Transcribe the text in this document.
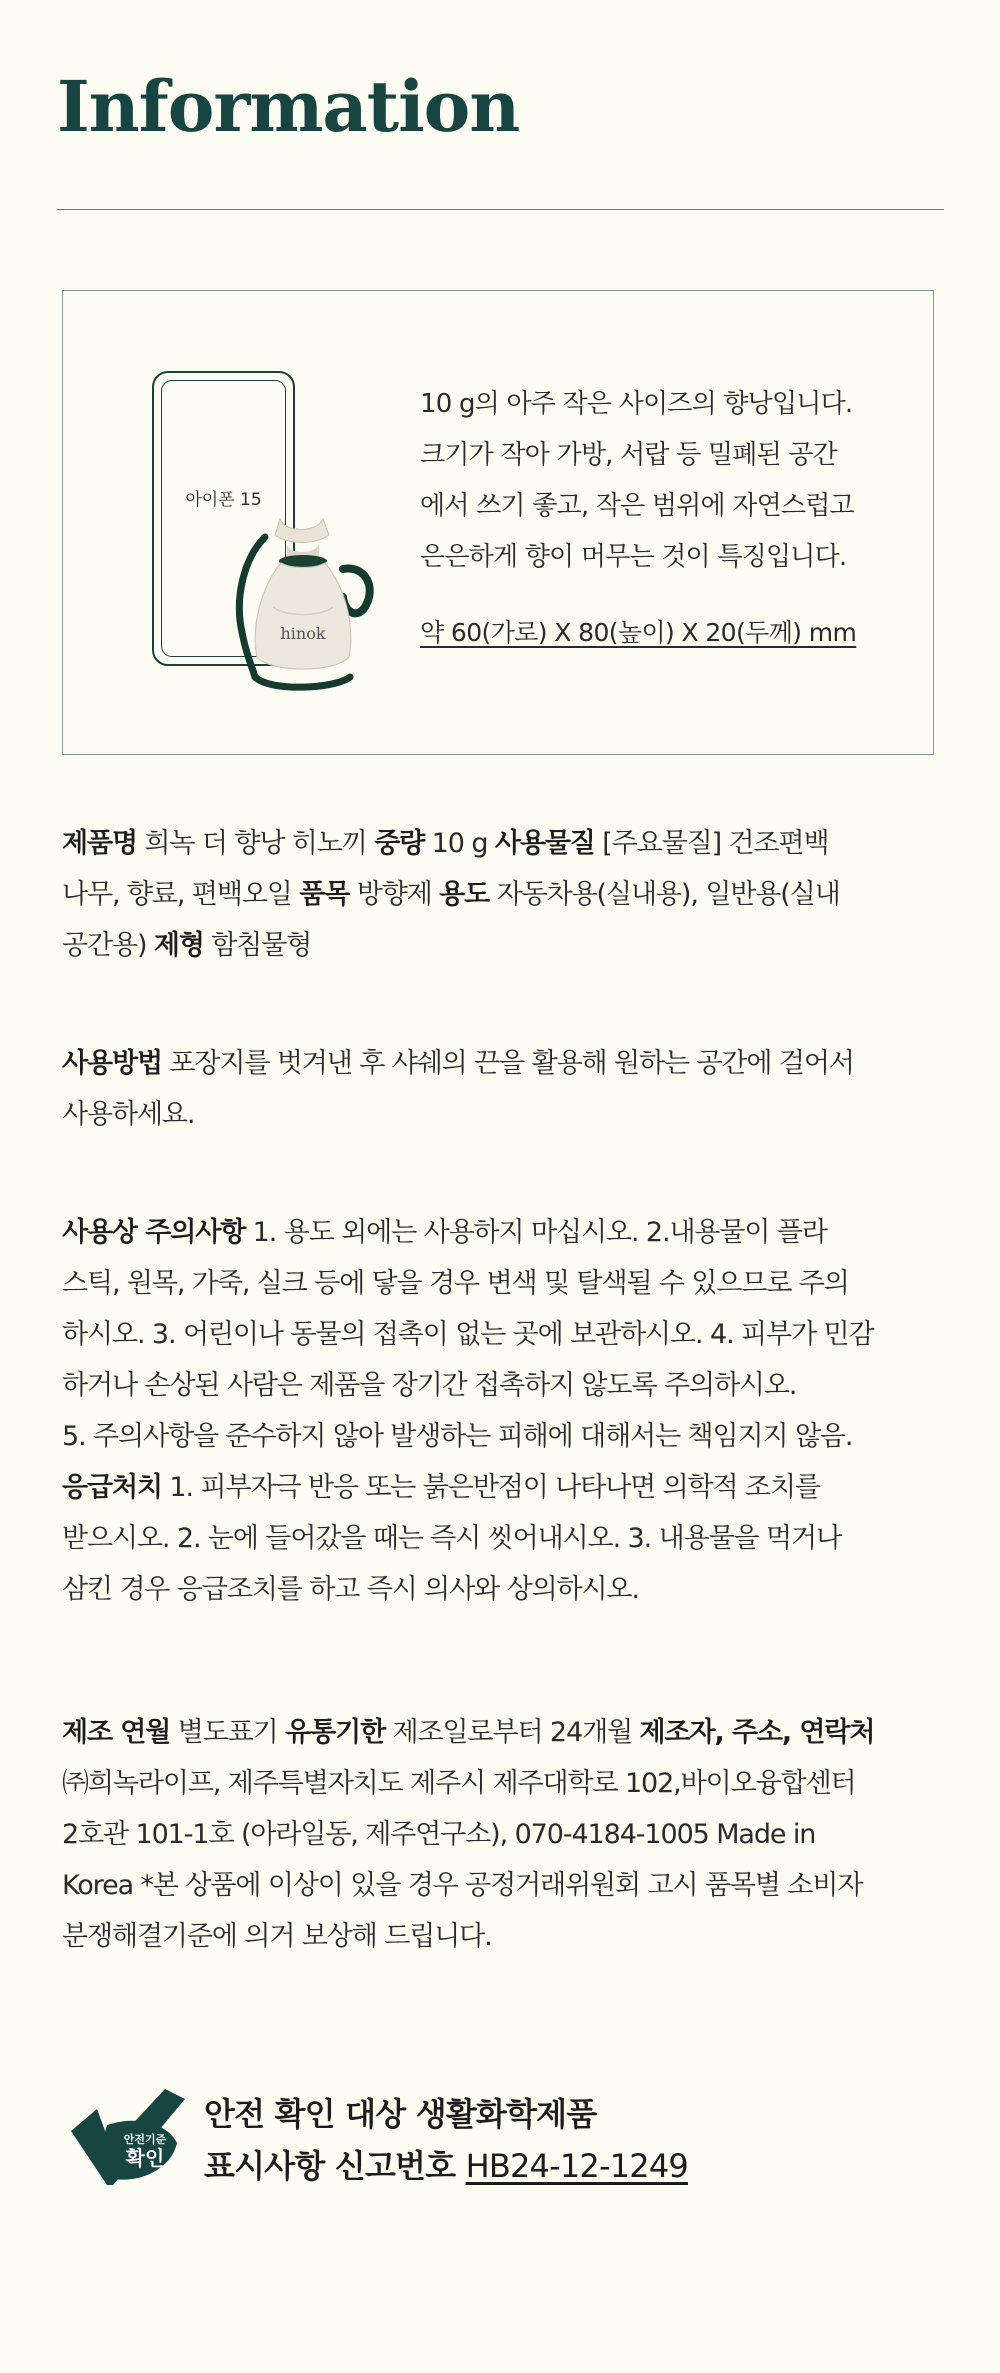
Information
아이폰 15
hinok

10 g의 아주 작은 사이즈의 향낭입니다.

크기가 작아 가방, 서랍 등 밀폐된 공간

에서 쓰기 좋고, 작은 범위에 자연스럽고

은은하게 향이 머무는 것이 특징입니다.

약 60(가로) X 80(높이) X 20(두께) mm

제품명 희녹 더 향낭 히노끼 중량 10 g 사용물질 [주요물질] 건조편백

나무, 향료, 편백오일 품목 방향제 용도 자동차용(실내용), 일반용(실내

공간용) 제형 함침물형

사용방법 포장지를 벗겨낸 후 샤쉐의 끈을 활용해 원하는 공간에 걸어서

사용하세요.

사용상 주의사항 1. 용도 외에는 사용하지 마십시오. 2.내용물이 플라

스틱, 원목, 가죽, 실크 등에 닿을 경우 변색 및 탈색될 수 있으므로 주의

하시오. 3. 어린이나 동물의 접촉이 없는 곳에 보관하시오. 4. 피부가 민감

하거나 손상된 사람은 제품을 장기간 접촉하지 않도록 주의하시오.

5. 주의사항을 준수하지 않아 발생하는 피해에 대해서는 책임지지 않음.

응급처치 1. 피부자극 반응 또는 붉은반점이 나타나면 의학적 조치를

받으시오. 2. 눈에 들어갔을 때는 즉시 씻어내시오. 3. 내용물을 먹거나

삼킨 경우 응급조치를 하고 즉시 의사와 상의하시오.

제조 연월 별도표기 유통기한 제조일로부터 24개월 제조자, 주소, 연락처

㈜희녹라이프, 제주특별자치도 제주시 제주대학로 102,바이오융합센터

2호관 101-1호 (아라일동, 제주연구소), 070-4184-1005 Made in

Korea *본 상품에 이상이 있을 경우 공정거래위원회 고시 품목별 소비자

분쟁해결기준에 의거 보상해 드립니다.

안전기준
확인

안전 확인 대상 생활화학제품

표시사항 신고번호 HB24-12-1249
